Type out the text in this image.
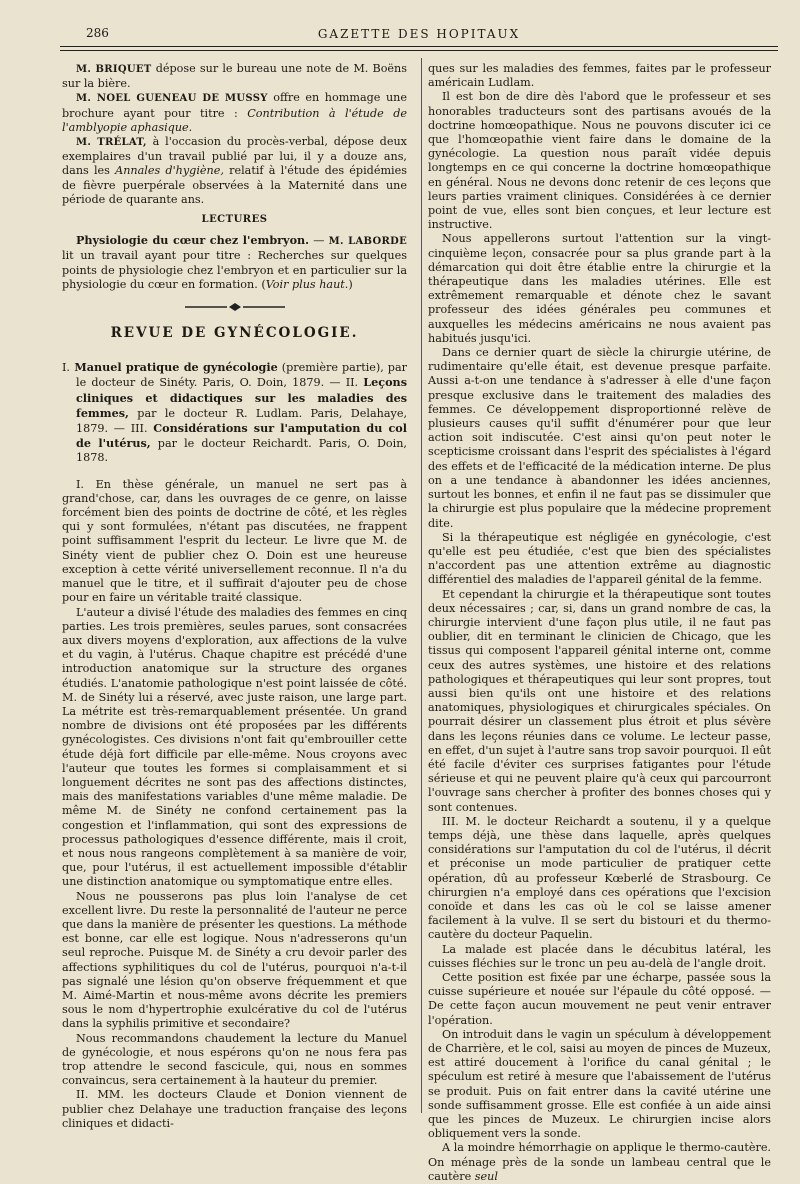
286	GAZETTE DES HOPITAUX

M. BRIQUET dépose sur le bureau une note de M. Boëns sur la bière.

M. NOEL GUENEAU DE MUSSY offre en hommage une brochure ayant pour titre : Contribution à l'étude de l'amblyopie aphasique.

M. TRÉLAT, à l'occasion du procès-verbal, dépose deux exemplaires d'un travail publié par lui, il y a douze ans, dans les Annales d'hygiène, relatif à l'étude des épidémies de fièvre puerpérale observées à la Maternité dans une période de quarante ans.

LECTURES

Physiologie du cœur chez l'embryon. — M. LABORDE lit un travail ayant pour titre : Recherches sur quelques points de physiologie chez l'embryon et en particulier sur la physiologie du cœur en formation. (Voir plus haut.)

REVUE DE GYNÉCOLOGIE.

I. Manuel pratique de gynécologie (première partie), par le docteur de Sinéty. Paris, O. Doin, 1879. — II. Leçons cliniques et didactiques sur les maladies des femmes, par le docteur R. Ludlam. Paris, Delahaye, 1879. — III. Considérations sur l'amputation du col de l'utérus, par le docteur Reichardt. Paris, O. Doin, 1878.

I. En thèse générale, un manuel ne sert pas à grand'chose, car, dans les ouvrages de ce genre, on laisse forcément bien des points de doctrine de côté, et les règles qui y sont formulées, n'étant pas discutées, ne frappent point suffisamment l'esprit du lecteur. Le livre que M. de Sinéty vient de publier chez O. Doin est une heureuse exception à cette vérité universellement reconnue. Il n'a du manuel que le titre, et il suffirait d'ajouter peu de chose pour en faire un véritable traité classique.

L'auteur a divisé l'étude des maladies des femmes en cinq parties. Les trois premières, seules parues, sont consacrées aux divers moyens d'exploration, aux affections de la vulve et du vagin, à l'utérus. Chaque chapitre est précédé d'une introduction anatomique sur la structure des organes étudiés. L'anatomie pathologique n'est point laissée de côté. M. de Sinéty lui a réservé, avec juste raison, une large part. La métrite est très-remarquablement présentée. Un grand nombre de divisions ont été proposées par les différents gynécologistes. Ces divisions n'ont fait qu'embrouiller cette étude déjà fort difficile par elle-même. Nous croyons avec l'auteur que toutes les formes si complaisamment et si longuement décrites ne sont pas des affections distinctes, mais des manifestations variables d'une même maladie. De même M. de Sinéty ne confond certainement pas la congestion et l'inflammation, qui sont des expressions de processus pathologiques d'essence différente, mais il croit, et nous nous rangeons complètement à sa manière de voir, que, pour l'utérus, il est actuellement impossible d'établir une distinction anatomique ou symptomatique entre elles.

Nous ne pousserons pas plus loin l'analyse de cet excellent livre. Du reste la personnalité de l'auteur ne perce que dans la manière de présenter les questions. La méthode est bonne, car elle est logique. Nous n'adresserons qu'un seul reproche. Puisque M. de Sinéty a cru devoir parler des affections syphilitiques du col de l'utérus, pourquoi n'a-t-il pas signalé une lésion qu'on observe fréquemment et que M. Aimé-Martin et nous-même avons décrite les premiers sous le nom d'hypertrophie exulcérative du col de l'utérus dans la syphilis primitive et secondaire?

Nous recommandons chaudement la lecture du Manuel de gynécologie, et nous espérons qu'on ne nous fera pas trop attendre le second fascicule, qui, nous en sommes convaincus, sera certainement à la hauteur du premier.

II. MM. les docteurs Claude et Donion viennent de publier chez Delahaye une traduction française des leçons cliniques et didacti-

ques sur les maladies des femmes, faites par le professeur américain Ludlam.

Il est bon de dire dès l'abord que le professeur et ses honorables traducteurs sont des partisans avoués de la doctrine homœopathique. Nous ne pouvons discuter ici ce que l'homœopathie vient faire dans le domaine de la gynécologie. La question nous paraît vidée depuis longtemps en ce qui concerne la doctrine homœopathique en général. Nous ne devons donc retenir de ces leçons que leurs parties vraiment cliniques. Considérées à ce dernier point de vue, elles sont bien conçues, et leur lecture est instructive.

Nous appellerons surtout l'attention sur la vingt-cinquième leçon, consacrée pour sa plus grande part à la démarcation qui doit être établie entre la chirurgie et la thérapeutique dans les maladies utérines. Elle est extrêmement remarquable et dénote chez le savant professeur des idées générales peu communes et auxquelles les médecins américains ne nous avaient pas habitués jusqu'ici.

Dans ce dernier quart de siècle la chirurgie utérine, de rudimentaire qu'elle était, est devenue presque parfaite. Aussi a-t-on une tendance à s'adresser à elle d'une façon presque exclusive dans le traitement des maladies des femmes. Ce développement disproportionné relève de plusieurs causes qu'il suffit d'énumérer pour que leur action soit indiscutée. C'est ainsi qu'on peut noter le scepticisme croissant dans l'esprit des spécialistes à l'égard des effets et de l'efficacité de la médication interne. De plus on a une tendance à abandonner les idées anciennes, surtout les bonnes, et enfin il ne faut pas se dissimuler que la chirurgie est plus populaire que la médecine proprement dite.

Si la thérapeutique est négligée en gynécologie, c'est qu'elle est peu étudiée, c'est que bien des spécialistes n'accordent pas une attention extrême au diagnostic différentiel des maladies de l'appareil génital de la femme.

Et cependant la chirurgie et la thérapeutique sont toutes deux nécessaires ; car, si, dans un grand nombre de cas, la chirurgie intervient d'une façon plus utile, il ne faut pas oublier, dit en terminant le clinicien de Chicago, que les tissus qui composent l'appareil génital interne ont, comme ceux des autres systèmes, une histoire et des relations pathologiques et thérapeutiques qui leur sont propres, tout aussi bien qu'ils ont une histoire et des relations anatomiques, physiologiques et chirurgicales spéciales. On pourrait désirer un classement plus étroit et plus sévère dans les leçons réunies dans ce volume. Le lecteur passe, en effet, d'un sujet à l'autre sans trop savoir pourquoi. Il eût été facile d'éviter ces surprises fatigantes pour l'étude sérieuse et qui ne peuvent plaire qu'à ceux qui parcourront l'ouvrage sans chercher à profiter des bonnes choses qui y sont contenues.

III. M. le docteur Reichardt a soutenu, il y a quelque temps déjà, une thèse dans laquelle, après quelques considérations sur l'amputation du col de l'utérus, il décrit et préconise un mode particulier de pratiquer cette opération, dû au professeur Kœberlé de Strasbourg. Ce chirurgien n'a employé dans ces opérations que l'excision conoïde et dans les cas où le col se laisse amener facilement à la vulve. Il se sert du bistouri et du thermo-cautère du docteur Paquelin.

La malade est placée dans le décubitus latéral, les cuisses fléchies sur le tronc un peu au-delà de l'angle droit.

Cette position est fixée par une écharpe, passée sous la cuisse supérieure et nouée sur l'épaule du côté opposé. — De cette façon aucun mouvement ne peut venir entraver l'opération.

On introduit dans le vagin un spéculum à développement de Charrière, et le col, saisi au moyen de pinces de Muzeux, est attiré doucement à l'orifice du canal génital ; le spéculum est retiré à mesure que l'abaissement de l'utérus se produit. Puis on fait entrer dans la cavité utérine une sonde suffisamment grosse. Elle est confiée à un aide ainsi que les pinces de Muzeux. Le chirurgien incise alors obliquement vers la sonde.

A la moindre hémorrhagie on applique le thermo-cautère. On ménage près de la sonde un lambeau central que le cautère seul
